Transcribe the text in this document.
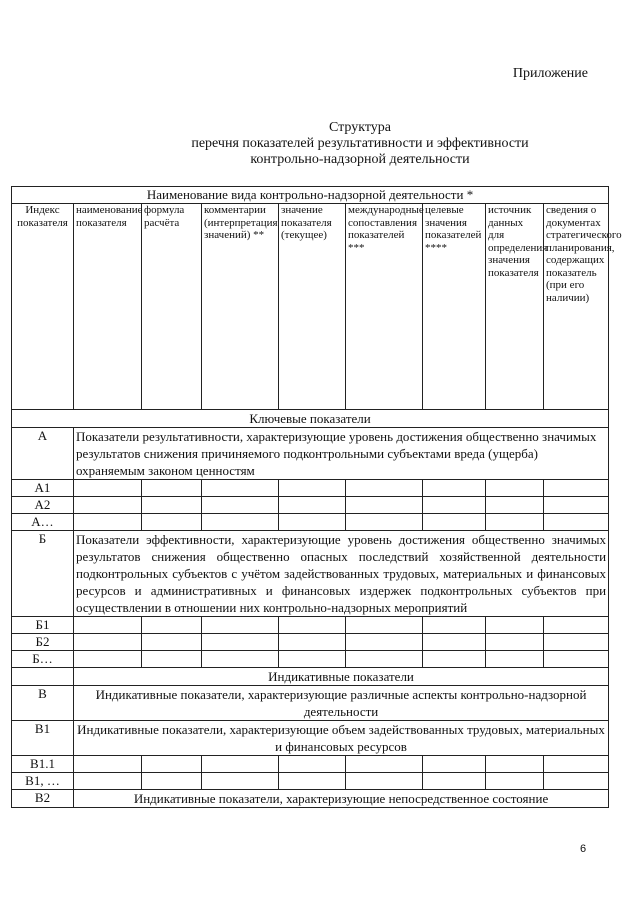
Приложение
Структура
перечня показателей результативности и эффективности
контрольно-надзорной деятельности
Наименование вида контрольно-надзорной деятельности *								
Индекс показателя	наименование показателя	формула расчёта	комментарии (интерпретация значений) **	значение показателя (текущее)	международные сопоставления показателей ***	целевые значения показателей ****	источник данных для определения значения показателя	сведения о документах стратегического планирования, содержащих показатель (при его наличии)
Ключевые показатели								
А	Показатели результативности, характеризующие уровень достижения общественно значимых результатов снижения причиняемого подконтрольными субъектами вреда (ущерба) охраняемым законом ценностям							
А1								
А2								
А…								
Б	Показатели эффективности, характеризующие уровень достижения общественно значимых результатов снижения общественно опасных последствий хозяйственной деятельности подконтрольных субъектов с учётом задействованных трудовых, материальных и финансовых ресурсов и административных и финансовых издержек подконтрольных субъектов при осуществлении в отношении них контрольно-надзорных мероприятий							
Б1								
Б2								
Б…								
	Индикативные показатели							
В	Индикативные показатели, характеризующие различные аспекты контрольно-надзорной деятельности							
В1	Индикативные показатели, характеризующие объем задействованных трудовых, материальных и финансовых ресурсов							
В1.1								
В1, …								
В2	Индикативные показатели, характеризующие непосредственное состояние							
6
